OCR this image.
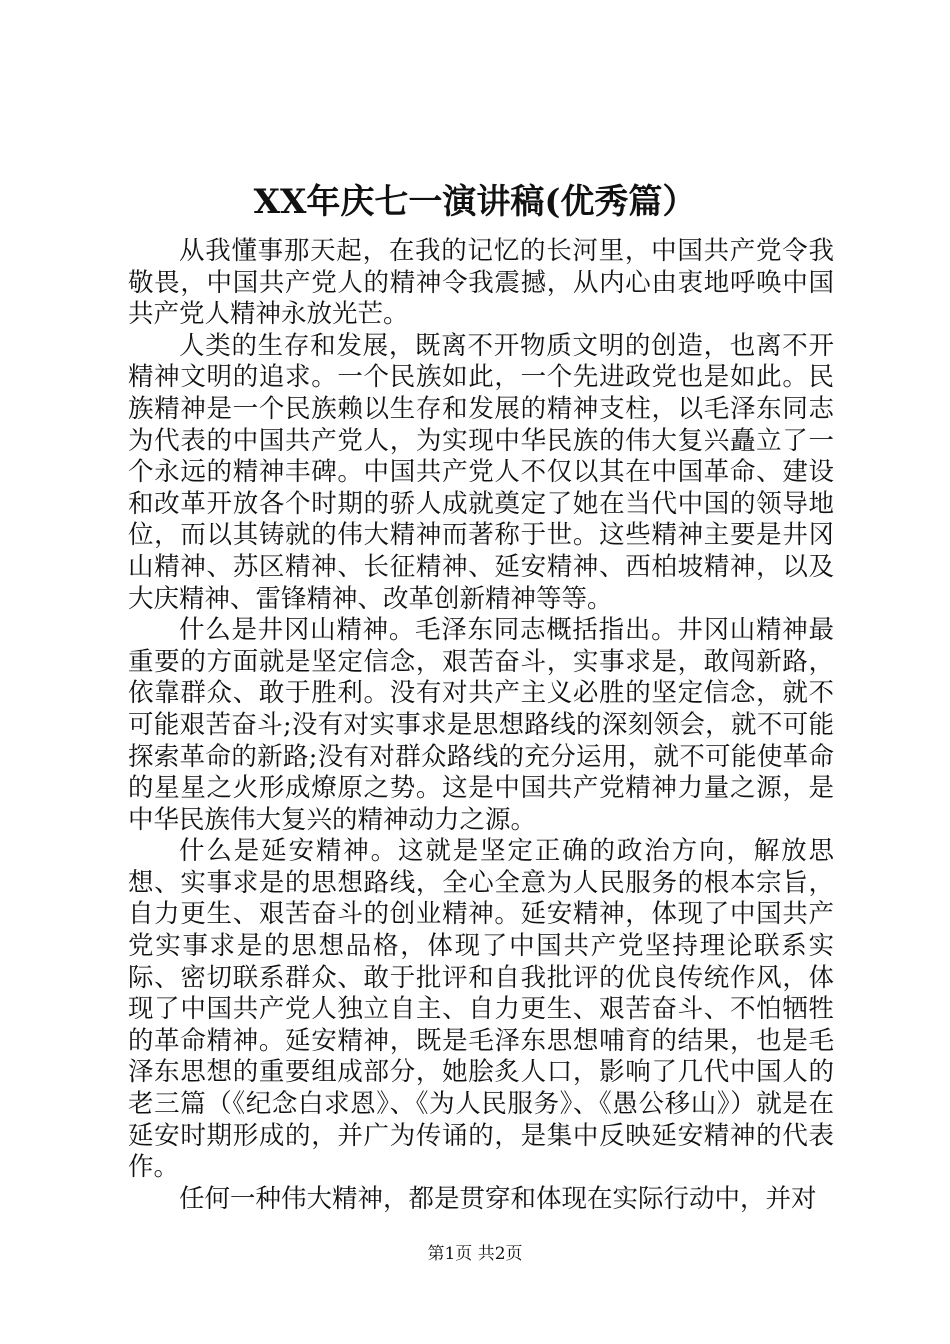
XX年庆七一演讲稿(优秀篇）

从我懂事那天起，在我的记忆的长河里，中国共产党令我敬畏，中国共产党人的精神令我震撼，从内心由衷地呼唤中国共产党人精神永放光芒。

人类的生存和发展，既离不开物质文明的创造，也离不开精神文明的追求。一个民族如此，一个先进政党也是如此。民族精神是一个民族赖以生存和发展的精神支柱，以毛泽东同志为代表的中国共产党人，为实现中华民族的伟大复兴矗立了一个永远的精神丰碑。中国共产党人不仅以其在中国革命、建设和改革开放各个时期的骄人成就奠定了她在当代中国的领导地位，而以其铸就的伟大精神而著称于世。这些精神主要是井冈山精神、苏区精神、长征精神、延安精神、西柏坡精神，以及大庆精神、雷锋精神、改革创新精神等等。

什么是井冈山精神。毛泽东同志概括指出。井冈山精神最重要的方面就是坚定信念，艰苦奋斗，实事求是，敢闯新路，依靠群众、敢于胜利。没有对共产主义必胜的坚定信念，就不可能艰苦奋斗;没有对实事求是思想路线的深刻领会，就不可能探索革命的新路;没有对群众路线的充分运用，就不可能使革命的星星之火形成燎原之势。这是中国共产党精神力量之源，是中华民族伟大复兴的精神动力之源。

什么是延安精神。这就是坚定正确的政治方向，解放思想、实事求是的思想路线，全心全意为人民服务的根本宗旨，自力更生、艰苦奋斗的创业精神。延安精神，体现了中国共产党实事求是的思想品格，体现了中国共产党坚持理论联系实际、密切联系群众、敢于批评和自我批评的优良传统作风，体现了中国共产党人独立自主、自力更生、艰苦奋斗、不怕牺牲的革命精神。延安精神，既是毛泽东思想哺育的结果，也是毛泽东思想的重要组成部分，她脍炙人口，影响了几代中国人的老三篇（《纪念白求恩》、《为人民服务》、《愚公移山》）就是在延安时期形成的，并广为传诵的，是集中反映延安精神的代表作。

任何一种伟大精神，都是贯穿和体现在实际行动中，并对

第1页 共2页
